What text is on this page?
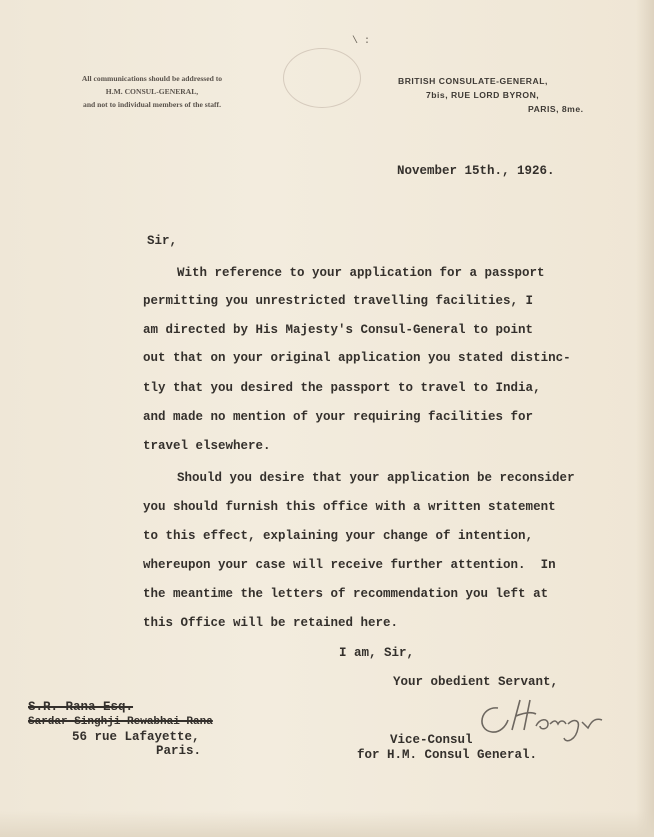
All communications should be addressed to
H.M. CONSUL-GENERAL,
and not to individual members of the staff.
\ :
BRITISH CONSULATE-GENERAL,
7bis, RUE LORD BYRON,
PARIS, 8me.
November 15th., 1926.
Sir,
With reference to your application for a passport
permitting you unrestricted travelling facilities, I
am directed by His Majesty's Consul-General to point
out that on your original application you stated distinc-
tly that you desired the passport to travel to India,
and made no mention of your requiring facilities for
travel elsewhere.
Should you desire that your application be reconsider
you should furnish this office with a written statement
to this effect, explaining your change of intention,
whereupon your case will receive further attention.  In
the meantime the letters of recommendation you left at
this Office will be retained here.
I am, Sir,
Your obedient Servant,
S.R. Rana Esq.
Sardar Singhji Rewabhai Rana
56 rue Lafayette,
Paris.
C. Harvey
Vice-Consul
for H.M. Consul General.
